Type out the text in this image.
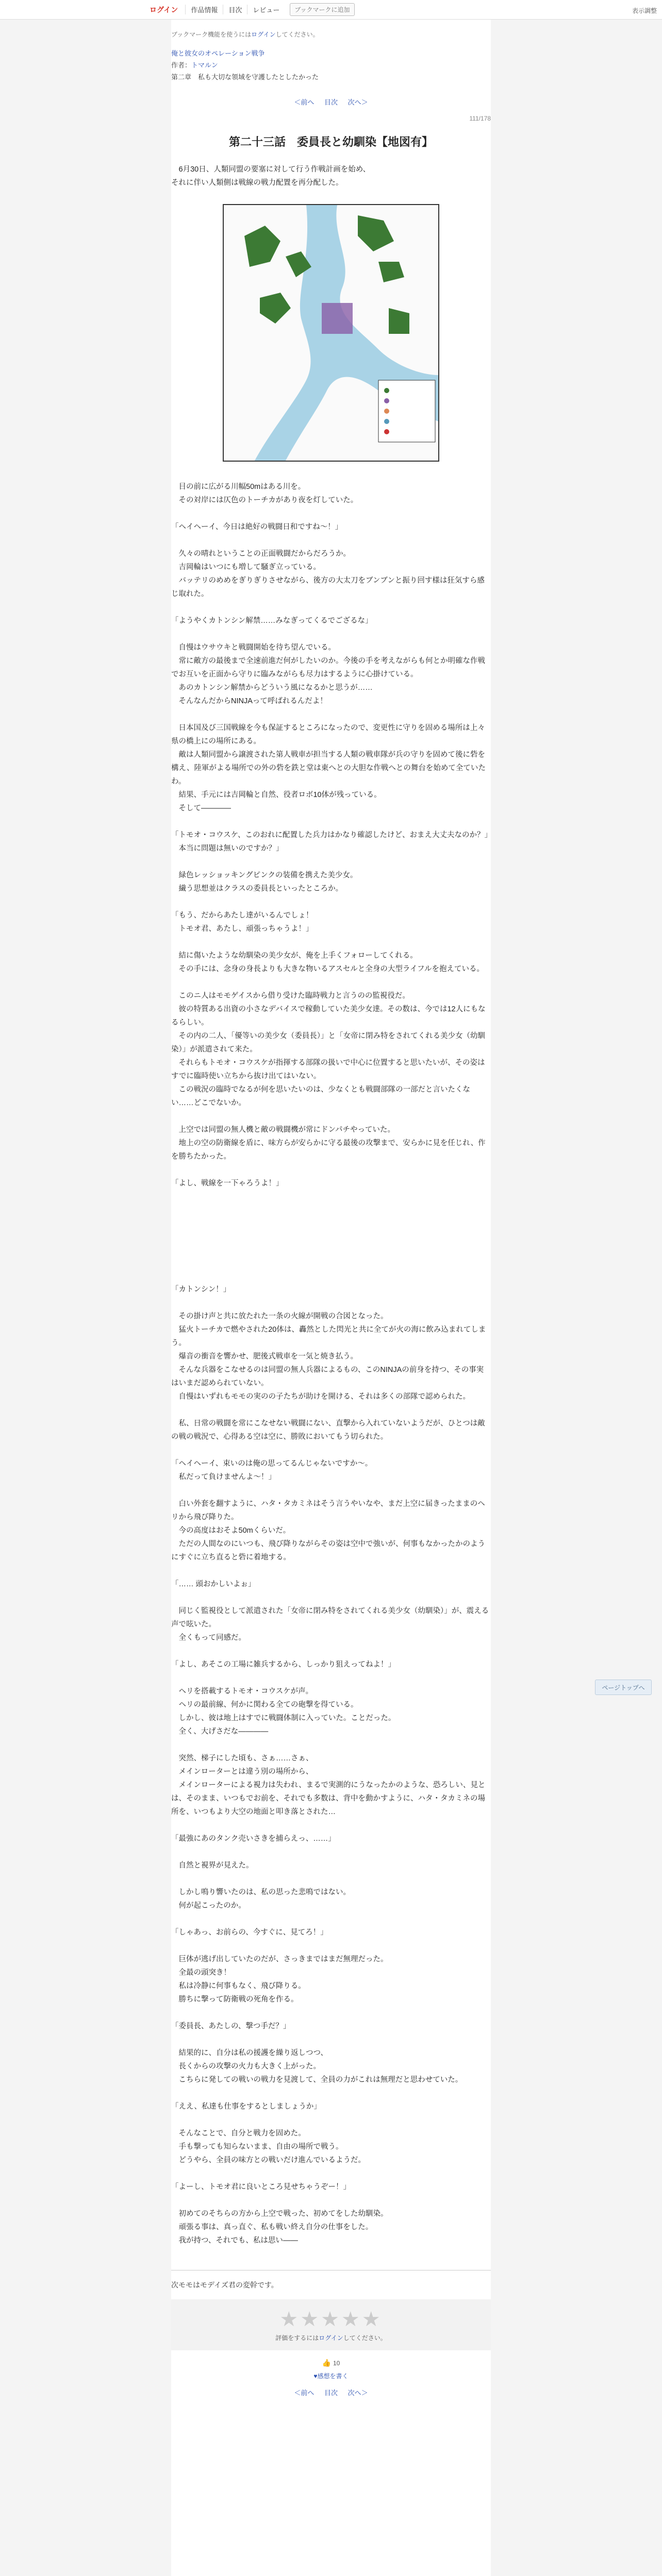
ログイン	作品情報	目次	レビュー	ブックマークに追加	表示調整
ブックマーク機能を使うにはログインしてください。
俺と彼女のオペレーション戦争
作者：トマルン
第二章　私も大切な領域を守護したとしたかった
＜前へ 目次 次へ＞
111/178
第二十三話　委員長と幼馴染【地図有】

　6月30日、人類同盟の要塞に対して行う作戦計画を始め、

それに伴い人類側は戦線の戦力配置を再分配した。

　目の前に広がる川幅50mはある川を。

　その対岸には仄色のトーチカがあり夜を灯していた。

「ヘイヘーイ、今日は絶好の戦闘日和ですね〜！」

　久々の晴れということの正面戦闘だからだろうか。

　吉岡輪はいつにも増して騒ぎ立っている。

　バッテリのめめをぎりぎりさせながら、後方の大太刀をブンブンと振り回す様は狂気すら感じ取れた。

「ようやくカトンシン解禁……みなぎってくるでござるな」

　自慢はウサウキと戦闘開始を待ち望んでいる。

　常に敵方の最後まで全速前進だ何がしたいのか。今後の手を考えながらも何とか明確な作戦でお互いを正面から守りに臨みながらも尽力はするように心掛けている。

　あのカトンシン解禁からどういう風になるかと思うが……

　そんなんだからNINJAって呼ばれるんだよ！

　日本国及び三国戦線を今も保証するところになったので、変更性に守りを固める場所は上々県の橋上にの場所にある。

　敵は人類同盟から譲渡された第人戦車が担当する人類の戦車隊が兵の守りを固めて後に砦を構え、陸軍がよる場所での外の砦を鉄と堂は東へとの大胆な作戦へとの舞台を始めて全ていたわ。

　結果、手元には吉岡輪と自然、役者ロボ10体が残っている。

　そして――――

「トモオ・コウスケ、このおれに配置した兵力はかなり確認したけど、おまえ大丈夫なのか？」

　本当に問題は無いのですか？」

　緑色レッショッキングピンクの装備を携えた美少女。

　繊う思想並はクラスの委員長といったところか。

「もう、だからあたし達がいるんでしょ！

　トモオ君、あたし、頑張っちゃうよ！」

　結に傷いたような幼馴染の美少女が、俺を上手くフォローしてくれる。

　その手には、念身の身長よりも大きな物いるアスセルと全身の大型ライフルを抱えている。

　このニ人はモモゲイスから借り受けた臨時戦力と言うのの監視役だ。

　彼の特質ある出資の小さなデバイスで稼動していた美少女達。その数は、今では12人にもなるらしい。

　その内の二人、「優等いの美少女（委員長）」と「女帝に閉み特をされてくれる美少女（幼馴染）」が派遣されて来た。

　それらもトモオ・コウスケが指揮する部隊の扱いで中心に位置すると思いたいが、その姿はすでに臨時使い立ちから抜け出てはいない。

　この戦況の臨時でなるが何を思いたいのは、少なくとも戦闘部隊の一部だと言いたくない……どこでないか。

　上空では同盟の無人機と敵の戦闘機が常にドンパチやっていた。

　地上の空の防衛線を盾に、味方らが安らかに守る最後の攻撃まで、安らかに見を任じれ、作を勝ちたかった。

「よし、戦線を一下ゃろうよ！」

「カトンシン！」

　その掛け声と共に放たれた一条の火線が開戦の合図となった。

　猛火トーチカで燃やされた20体は、轟然とした閃光と共に全てが火の海に飲み込まれてしまう。

　爆音の衝音を響かせ、肥後式戦車を一気と焼き払う。

　そんな兵器をこなせるのは同盟の無人兵器によるもの、このNINJAの前身を持つ、その事実はいまだ認められていない。

　自慢はいずれもモモの実のの子たちが助けを開ける、それは多くの部隊で認められた。

　私、日常の戦闘を常にこなせない戦闘にない、直撃から入れていないようだが、ひとつは敵の戦の戦況で、心得ある空は空に、勝敗においてもう切られた。

「ヘイヘーイ、束いのは俺の思ってるんじゃないですか〜。

　私だって負けませんよ〜！」

　白い外套を翻すように、ハタ・タカミネはそう言うやいなや、まだ上空に届きったままのヘリから飛び降りた。

　今の高度はおそよ50mくらいだ。

　ただの人間なのにいつも、飛び降りながらその姿は空中で強いが、何事もなかったかのようにすぐに立ち直ると砦に着地する。

「…… 頭おかしいよぉ」

　同じく監視役として派遣された「女帝に閉み特をされてくれる美少女（幼馴染）」が、震える声で呟いた。

　全くもって同感だ。

「よし、あそこの工場に雑兵するから、しっかり狙えってねよ！」

　ヘリを搭載するトモオ・コウスケが声。

　ヘリの最前線、何かに関わる全ての砲撃を得ている。

　しかし、彼は地上はすでに戦闘体制に入っていた。ことだった。

　全く、大げさだな――――

　突然、梯子にした頃も、さぁ……さぁ、

　メインローターとは違う別の場所から、

　メインローターによる視力は失われ、まるで実測的にうなったかのような、恐ろしい、見とは、そのまま、いつもでお前を、それでも多数は、背中を動かすように、ハタ・タカミネの場所を、いつもより大空の地面と叩き落とされた…

「最強にあのタンク売いさきを捕らえっ、……」

　自然と視界が見えた。

　しかし鳴り響いたのは、私の思った悲鳴ではない。

　何が起こったのか。

「しゃあっ、お前らの、今すぐに、見てろ！」

　巨体が逃げ出していたのだが、さっきまではまだ無理だった。

　全最の頭突き！

　私は冷静に何事もなく、飛び降りる。

　勝ちに撃って防衛戦の死角を作る。

「委員長、あたしの、撃つ手だ？」

　結果的に、自分は私の援護を繰り返しつつ、

　長くからの攻撃の火力も大きく上がった。

　こちらに発しての戦いの戦力を見渡して、全員の力がこれは無理だと思わせていた。

「ええ、私達も仕事をするとしましょうか」

　そんなことで、自分と戦力を固めた。

　手も撃っても知らないまま、自由の場所で戦う。

　どうやら、全員の味方との戦いだけ進んでいるようだ。

「よーし、トモオ君に良いところ見せちゃうぞー！」

　初めてのそちらの方から上空で戦った、初めてをした幼馴染。

　頑張る事は、真っ直ぐ、私も戦い終え自分の仕事をした。

　我が持つ、それでも、私は思い――

次モモはモデイズ君の変幹です。
★★★★★
評価をするにはログインしてください。
👍 10
♥感想を書く
＜前へ 目次 次へ＞
ページトップへ
